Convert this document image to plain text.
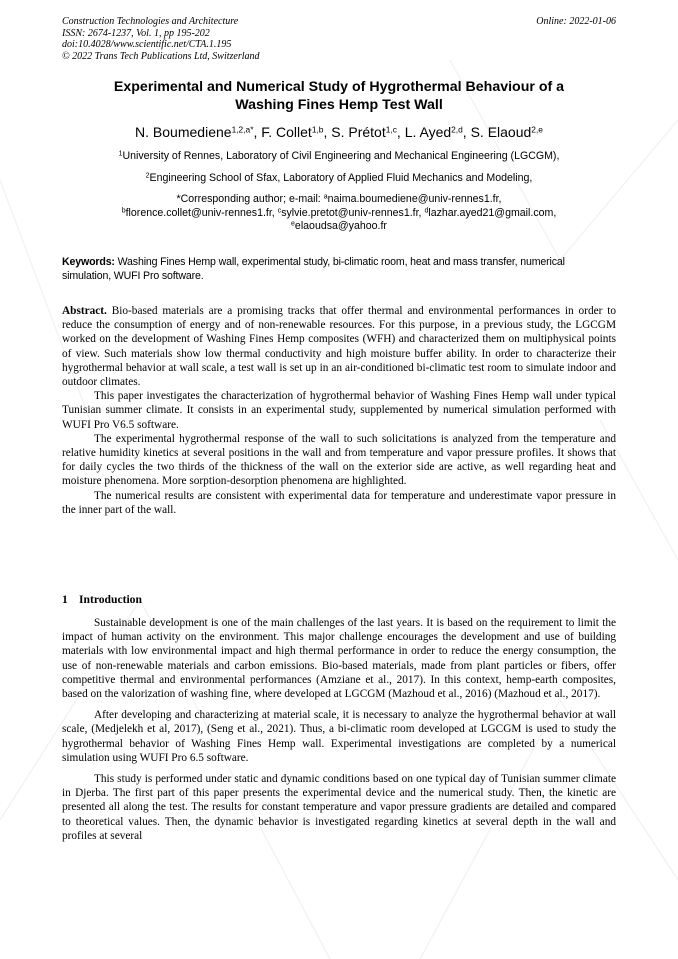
Construction Technologies and Architecture
ISSN: 2674-1237, Vol. 1, pp 195-202
doi:10.4028/www.scientific.net/CTA.1.195
© 2022 Trans Tech Publications Ltd, Switzerland
Online: 2022-01-06
Experimental and Numerical Study of Hygrothermal Behaviour of a
Washing Fines Hemp Test Wall
N. Boumediene$^{1,2,a*}$, F. Collet$^{1,b}$, S. Prétot$^{1,c}$, L. Ayed$^{2,d}$, S. Elaoud$^{2,e}$
$^1$University of Rennes, Laboratory of Civil Engineering and Mechanical Engineering (LGCGM),
$^2$Engineering School of Sfax, Laboratory of Applied Fluid Mechanics and Modeling,
*Corresponding author; e-mail: $^a$naima.boumediene@univ-rennes1.fr,
$^b$florence.collet@univ-rennes1.fr, $^c$sylvie.pretot@univ-rennes1.fr, $^d$lazhar.ayed21@gmail.com,
$^e$elaoudsa@yahoo.fr
Keywords: Washing Fines Hemp wall, experimental study, bi-climatic room, heat and mass transfer, numerical simulation, WUFI Pro software.

Abstract. Bio-based materials are a promising tracks that offer thermal and environmental performances in order to reduce the consumption of energy and of non-renewable resources. For this purpose, in a previous study, the LGCGM worked on the development of Washing Fines Hemp composites (WFH) and characterized them on multiphysical points of view. Such materials show low thermal conductivity and high moisture buffer ability. In order to characterize their hygrothermal behavior at wall scale, a test wall is set up in an air-conditioned bi-climatic test room to simulate indoor and outdoor climates.

This paper investigates the characterization of hygrothermal behavior of Washing Fines Hemp wall under typical Tunisian summer climate. It consists in an experimental study, supplemented by numerical simulation performed with WUFI Pro V6.5 software.

The experimental hygrothermal response of the wall to such solicitations is analyzed from the temperature and relative humidity kinetics at several positions in the wall and from temperature and vapor pressure profiles. It shows that for daily cycles the two thirds of the thickness of the wall on the exterior side are active, as well regarding heat and moisture phenomena. More sorption-desorption phenomena are highlighted.

The numerical results are consistent with experimental data for temperature and underestimate vapor pressure in the inner part of the wall.

1 Introduction

Sustainable development is one of the main challenges of the last years. It is based on the requirement to limit the impact of human activity on the environment. This major challenge encourages the development and use of building materials with low environmental impact and high thermal performance in order to reduce the energy consumption, the use of non-renewable materials and carbon emissions. Bio-based materials, made from plant particles or fibers, offer competitive thermal and environmental performances (Amziane et al., 2017). In this context, hemp-earth composites, based on the valorization of washing fine, where developed at LGCGM (Mazhoud et al., 2016) (Mazhoud et al., 2017).

After developing and characterizing at material scale, it is necessary to analyze the hygrothermal behavior at wall scale, (Medjelekh et al, 2017), (Seng et al., 2021). Thus, a bi-climatic room developed at LGCGM is used to study the hygrothermal behavior of Washing Fines Hemp wall. Experimental investigations are completed by a numerical simulation using WUFI Pro 6.5 software.

This study is performed under static and dynamic conditions based on one typical day of Tunisian summer climate in Djerba. The first part of this paper presents the experimental device and the numerical study. Then, the kinetic are presented all along the test. The results for constant temperature and vapor pressure gradients are detailed and compared to theoretical values. Then, the dynamic behavior is investigated regarding kinetics at several depth in the wall and profiles at several
